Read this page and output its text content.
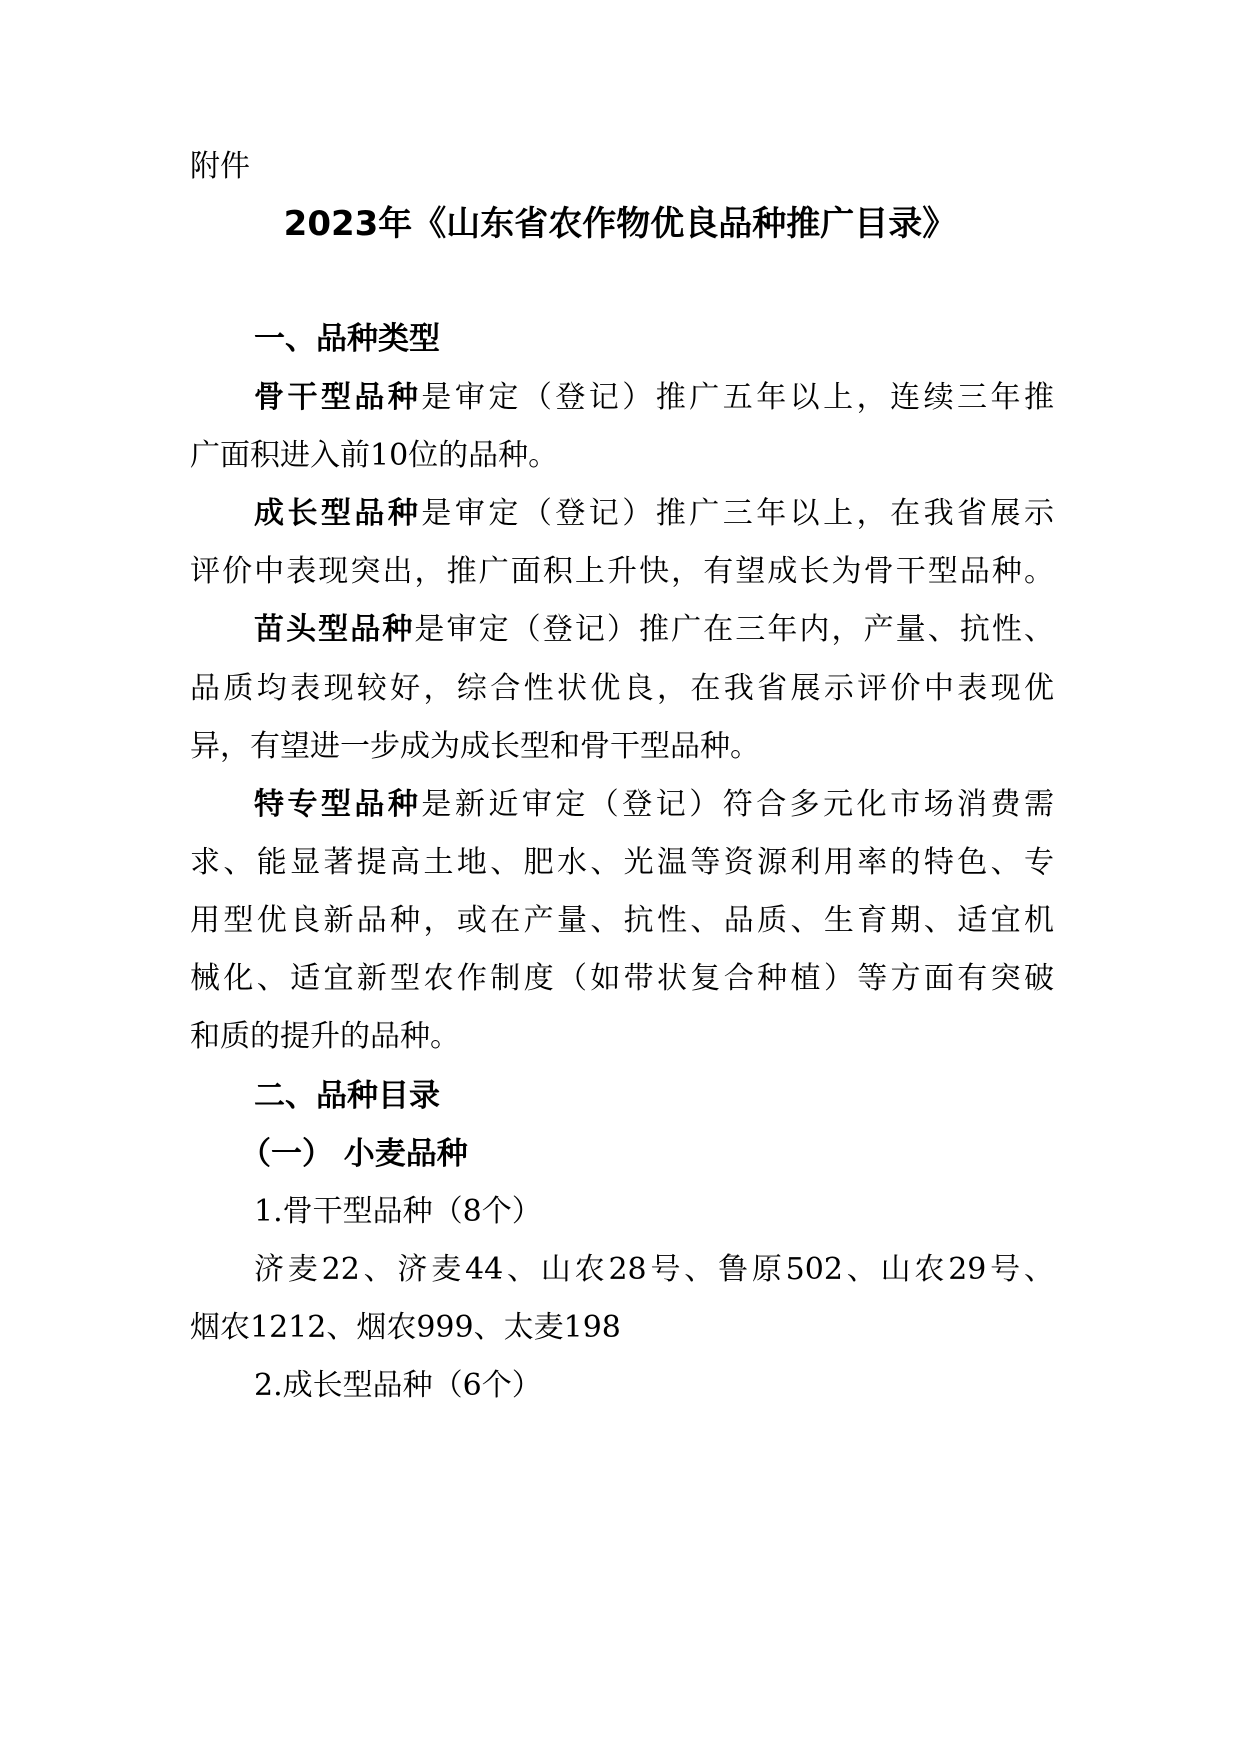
附件
2023年《山东省农作物优良品种推广目录》
一、品种类型
骨干型品种是审定（登记）推广五年以上，连续三年推
广面积进入前10位的品种。
成长型品种是审定（登记）推广三年以上，在我省展示
评价中表现突出，推广面积上升快，有望成长为骨干型品种。
苗头型品种是审定（登记）推广在三年内，产量、抗性、
品质均表现较好，综合性状优良，在我省展示评价中表现优
异，有望进一步成为成长型和骨干型品种。
特专型品种是新近审定（登记）符合多元化市场消费需
求、能显著提高土地、肥水、光温等资源利用率的特色、专
用型优良新品种，或在产量、抗性、品质、生育期、适宜机
械化、适宜新型农作制度（如带状复合种植）等方面有突破
和质的提升的品种。
二、品种目录
（一） 小麦品种
1.骨干型品种（8个）
济麦22、济麦44、山农28号、鲁原502、山农29号、
烟农1212、烟农999、太麦198
2.成长型品种（6个）
